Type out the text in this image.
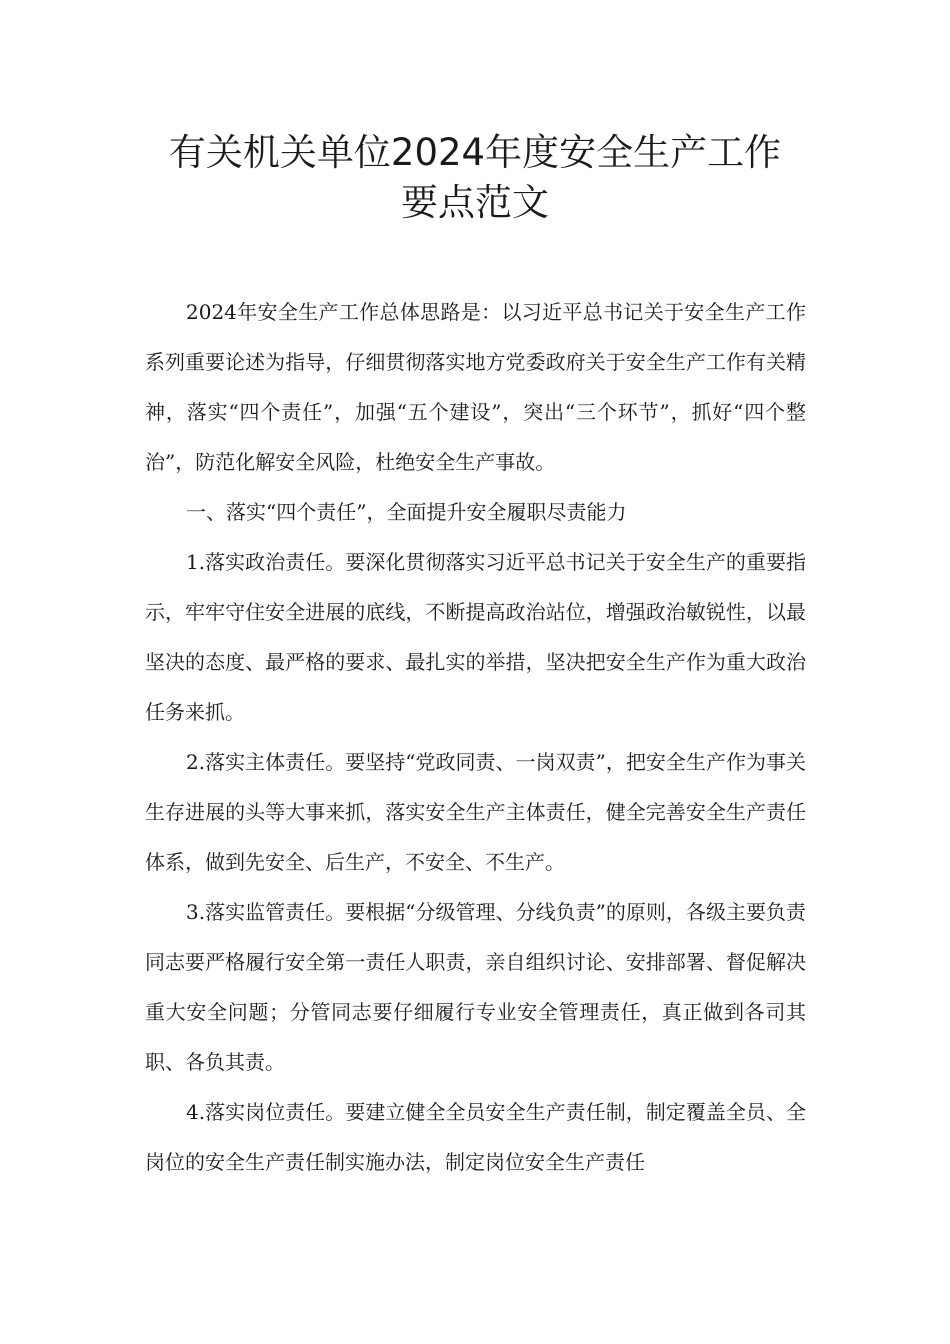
有关机关单位2024年度安全生产工作
要点范文

2024年安全生产工作总体思路是：以习近平总书记关于安全生产工作系列重要论述为指导，仔细贯彻落实地方党委政府关于安全生产工作有关精神，落实“四个责任”，加强“五个建设”，突出“三个环节”，抓好“四个整治”，防范化解安全风险，杜绝安全生产事故。

一、落实“四个责任”，全面提升安全履职尽责能力

1.落实政治责任。要深化贯彻落实习近平总书记关于安全生产的重要指示，牢牢守住安全进展的底线，不断提高政治站位，增强政治敏锐性，以最坚决的态度、最严格的要求、最扎实的举措，坚决把安全生产作为重大政治任务来抓。

2.落实主体责任。要坚持“党政同责、一岗双责”，把安全生产作为事关生存进展的头等大事来抓，落实安全生产主体责任，健全完善安全生产责任体系，做到先安全、后生产，不安全、不生产。

3.落实监管责任。要根据“分级管理、分线负责”的原则，各级主要负责同志要严格履行安全第一责任人职责，亲自组织讨论、安排部署、督促解决重大安全问题；分管同志要仔细履行专业安全管理责任，真正做到各司其职、各负其责。

4.落实岗位责任。要建立健全全员安全生产责任制，制定覆盖全员、全岗位的安全生产责任制实施办法，制定岗位安全生产责任
